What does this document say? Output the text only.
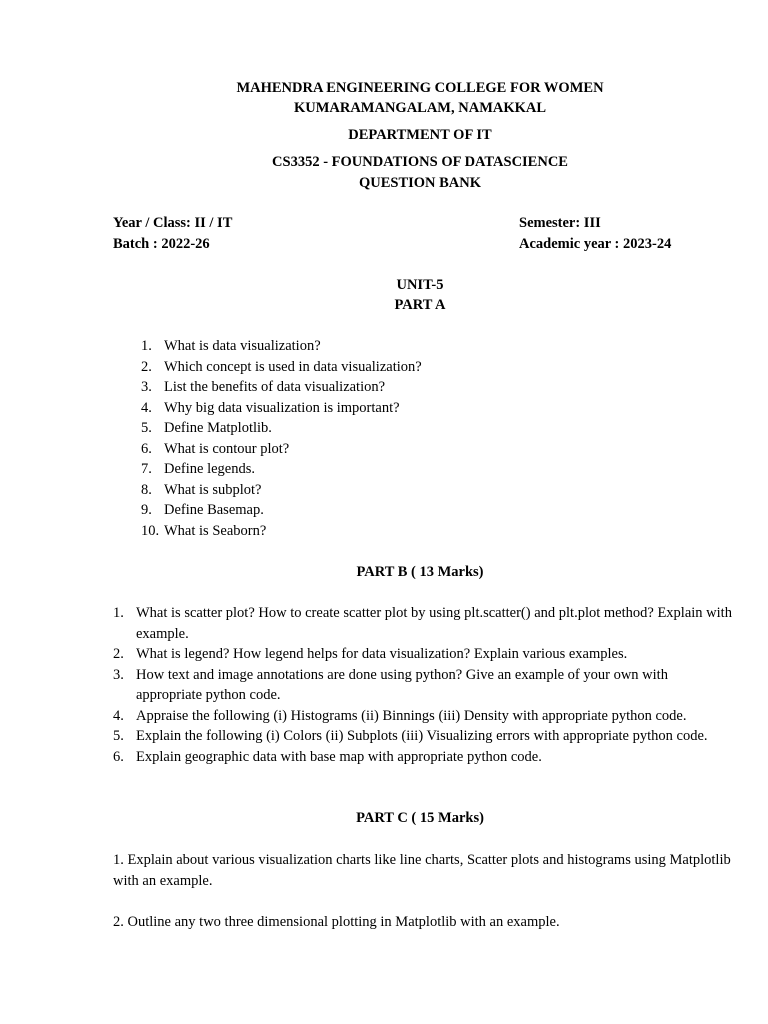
MAHENDRA ENGINEERING COLLEGE FOR WOMEN
KUMARAMANGALAM, NAMAKKAL
DEPARTMENT OF IT
CS3352 - FOUNDATIONS OF DATASCIENCE
QUESTION BANK
Year / Class: II / IT
Batch : 2022-26
Semester: III
Academic year : 2023-24
UNIT-5
PART A
1. What is data visualization?
2. Which concept is used in data visualization?
3. List the benefits of data visualization?
4. Why big data visualization is important?
5. Define Matplotlib.
6. What is contour plot?
7. Define legends.
8. What is subplot?
9. Define Basemap.
10. What is Seaborn?
PART B ( 13 Marks)
1. What is scatter plot? How to create scatter plot by using plt.scatter() and plt.plot method? Explain with example.
2. What is legend? How legend helps for data visualization? Explain various examples.
3. How text and image annotations are done using python? Give an example of your own with appropriate python code.
4. Appraise the following (i) Histograms (ii) Binnings (iii) Density with appropriate python code.
5. Explain the following (i) Colors (ii) Subplots (iii) Visualizing errors with appropriate python code.
6. Explain geographic data with base map with appropriate python code.
PART C ( 15 Marks)
1. Explain about various visualization charts like line charts, Scatter plots and histograms using Matplotlib with an example.
2. Outline any two three dimensional plotting in Matplotlib with an example.
